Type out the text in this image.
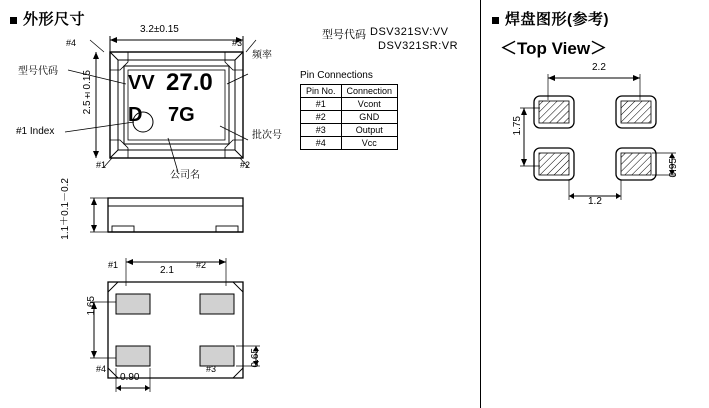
外形尺寸	焊盘图形(参考)
＜Top View＞
3.2±0.15
2.5±0.15 VV 27.0
D 7G
型号代码
频率
批次号
公司名
#1 Index
#4	#3
#1	#2
1.1＋0.1－0.2
2.1
1.65
0.90
0.65
#1	#2
#4	#3
型号代码 DSV321SV:VV
DSV321SR:VR
Pin Connections
Pin No.	Connection
#1	Vcont
#2	GND
#3	Output
#4	Vcc
2.2
1.75
0.95
1.2
